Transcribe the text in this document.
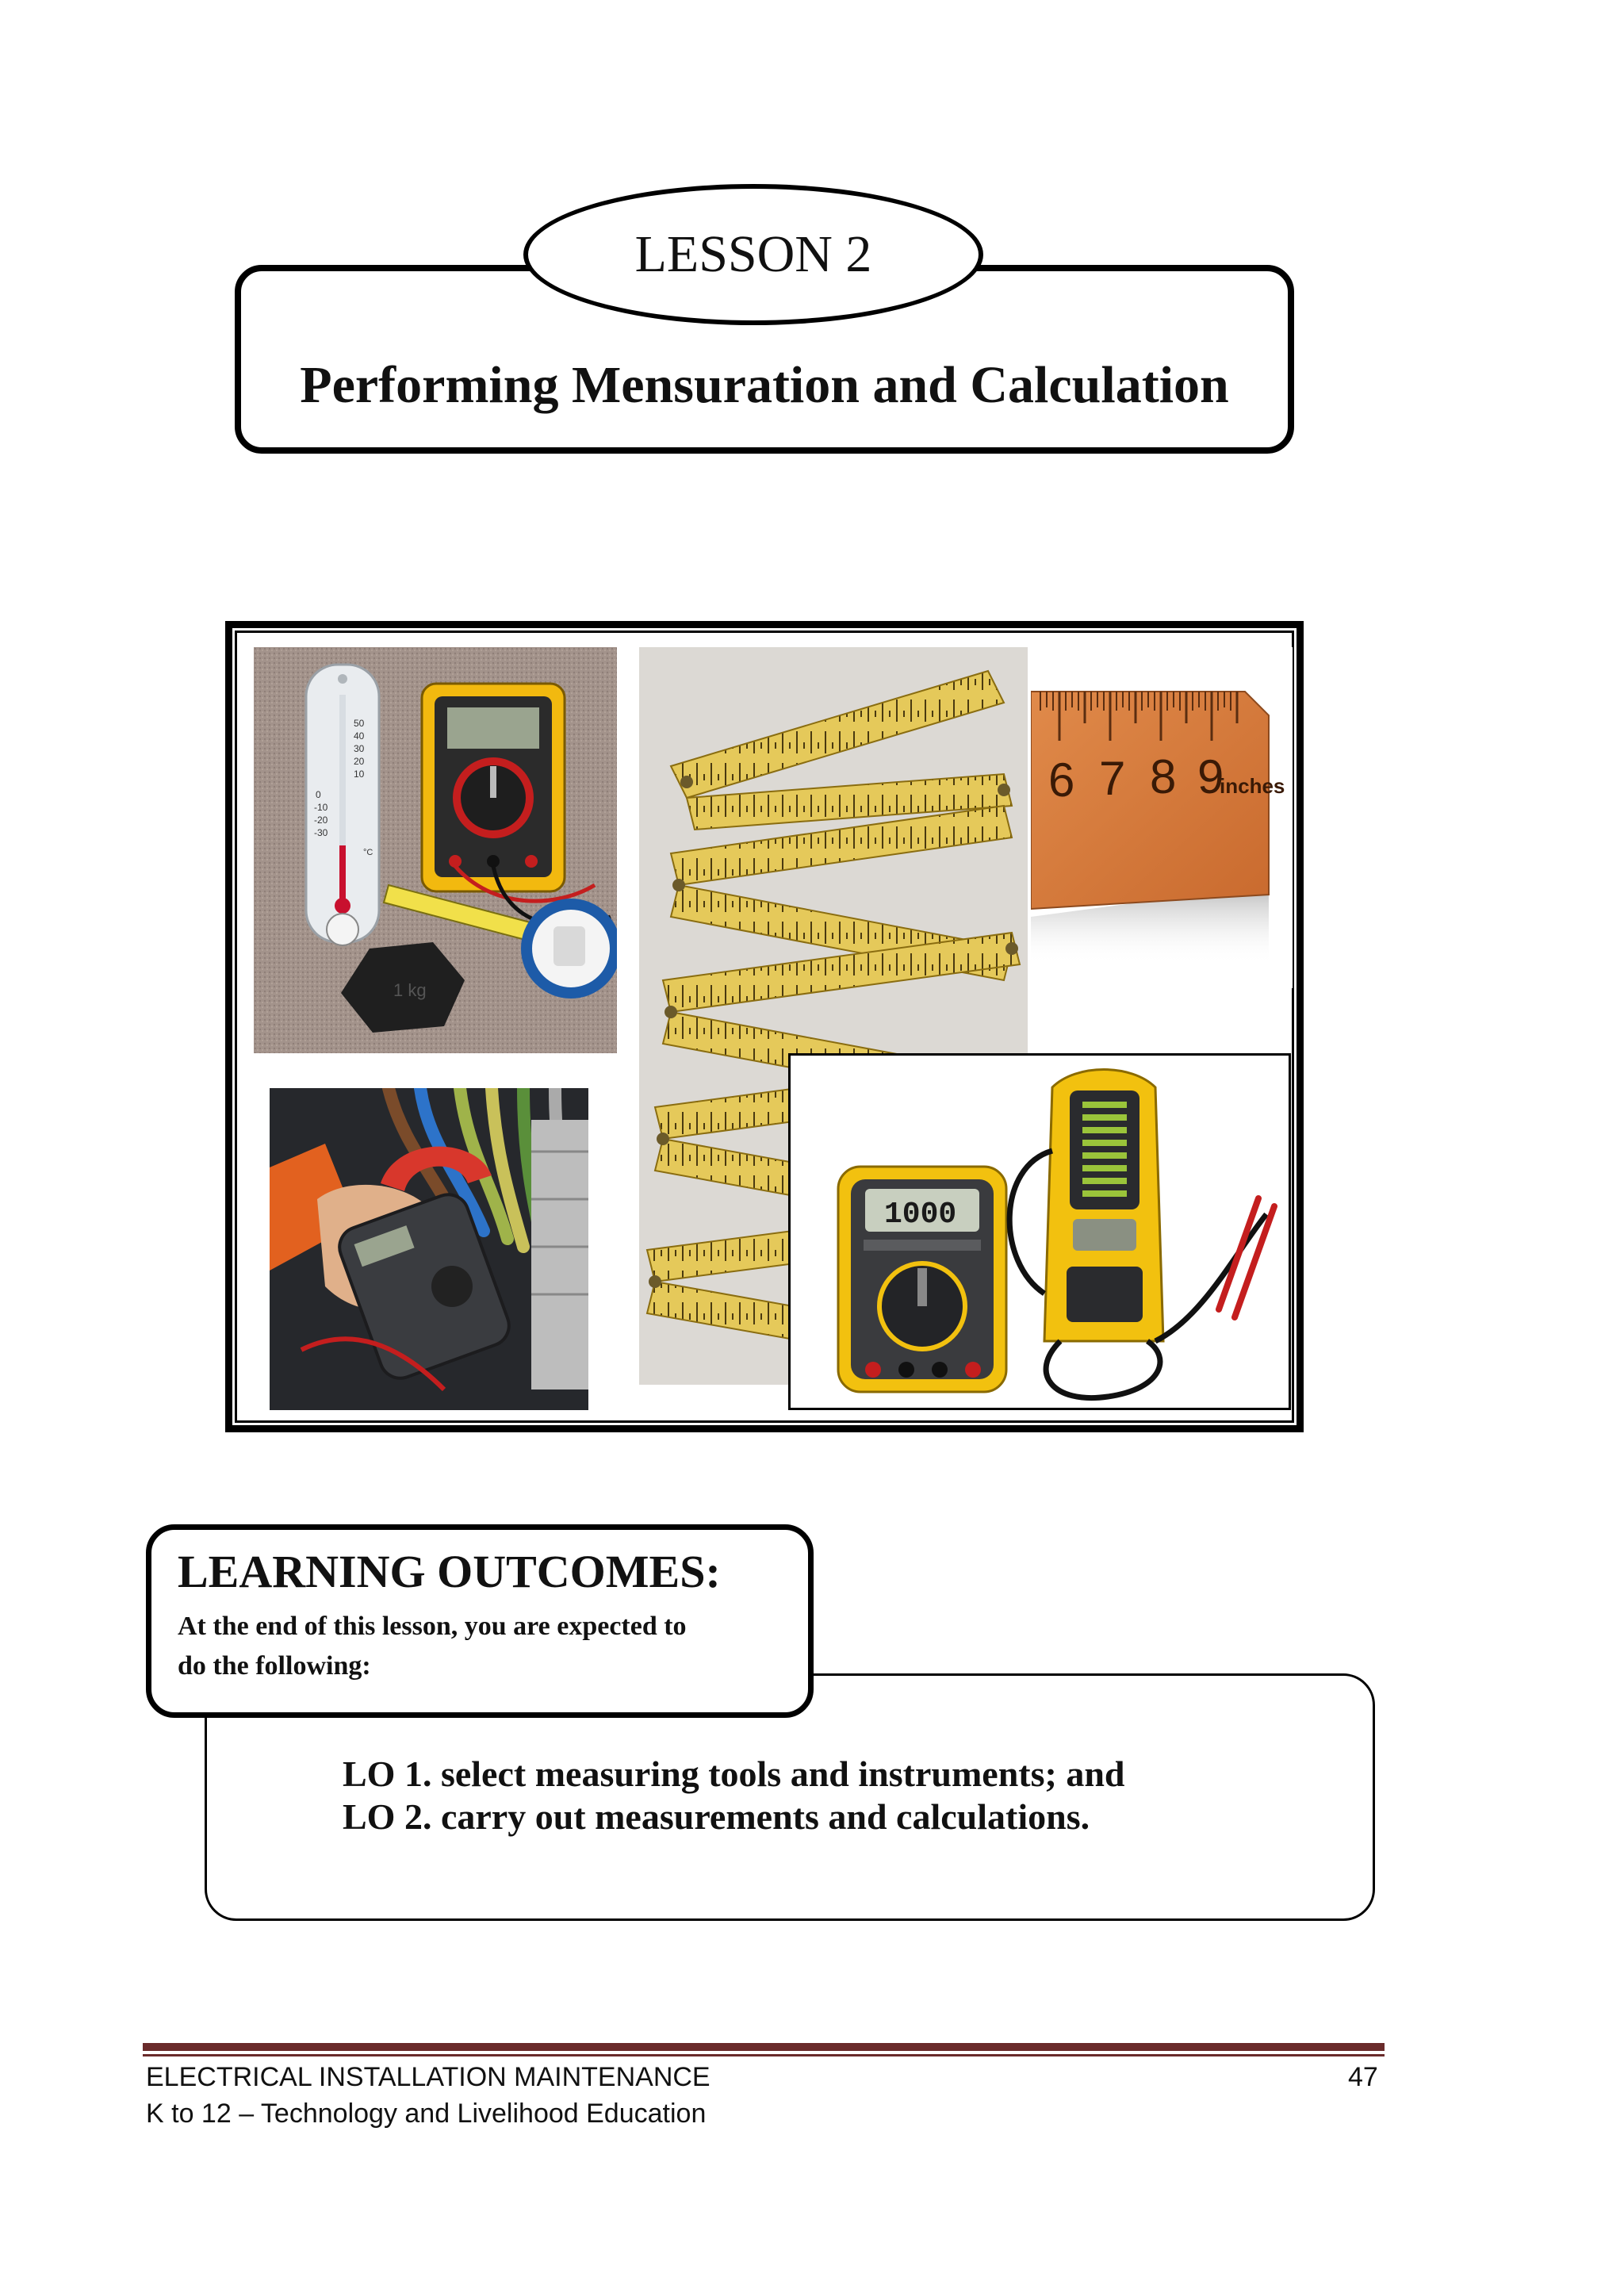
LESSON 2
Performing Mensuration and Calculation
50
40
30
20
10
0
-10
-20
-30
°C
1 kg
6 7 8 9
inches
1000
LEARNING OUTCOMES:
At the end of this lesson, you are expected to
do the following:
LO 1. select measuring tools and instruments; and
LO 2. carry out measurements and calculations.
ELECTRICAL INSTALLATION MAINTENANCE
K to 12 – Technology and Livelihood Education
47
